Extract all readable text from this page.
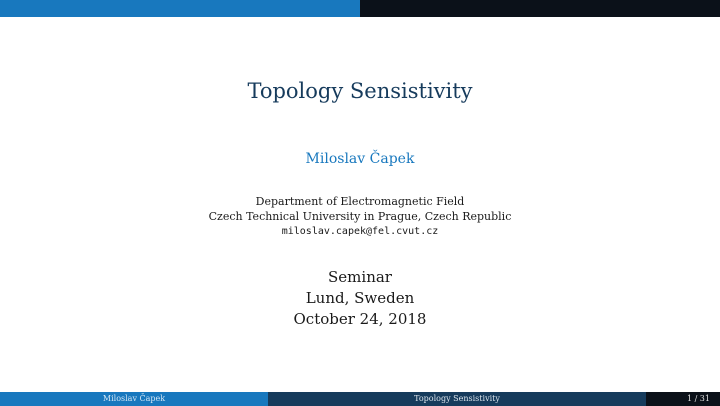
Topology Sensistivity
Miloslav Čapek
Department of Electromagnetic Field
Czech Technical University in Prague, Czech Republic
miloslav.capek@fel.cvut.cz
Seminar
Lund, Sweden
October 24, 2018
Miloslav Čapek	Topology Sensistivity	1 / 31
